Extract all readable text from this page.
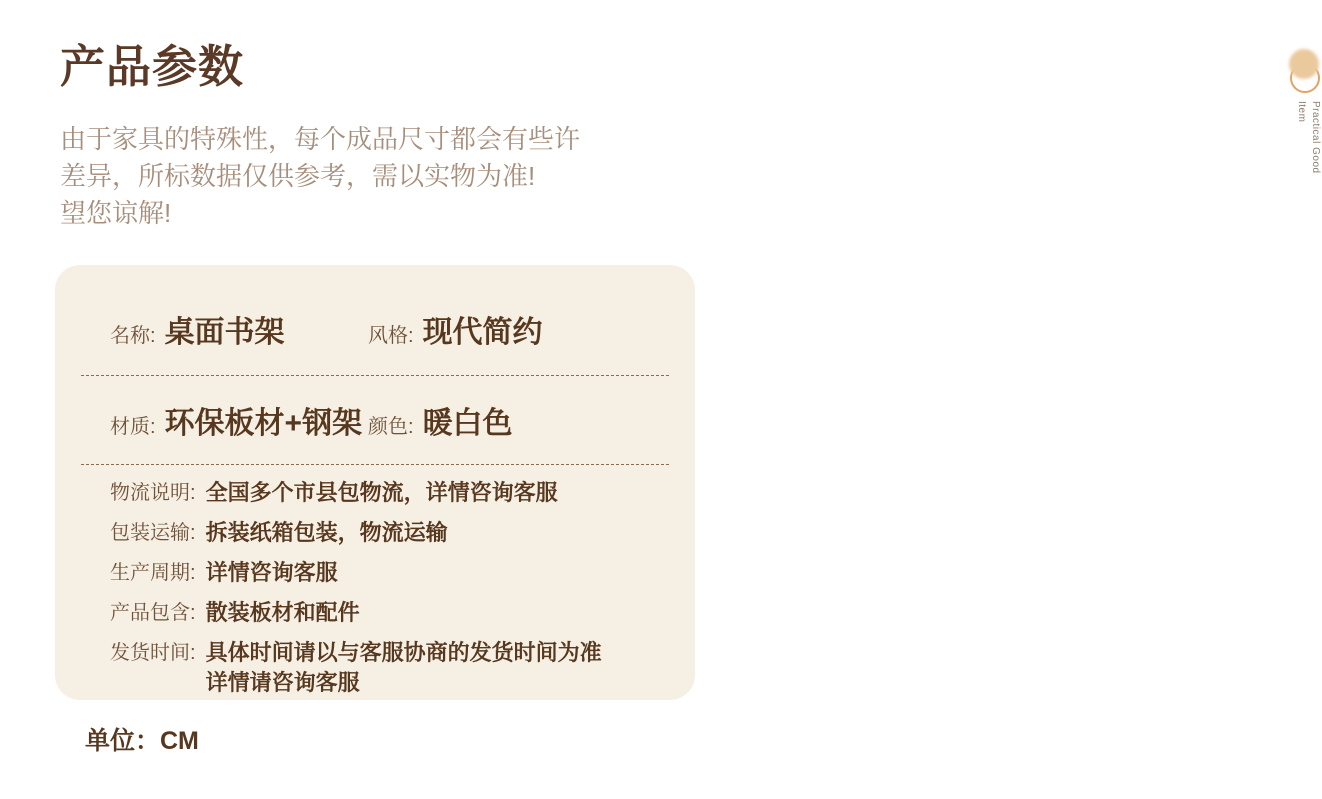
产品参数
Practical Good
Item

由于家具的特殊性，每个成品尺寸都会有些许
差异，所标数据仅供参考，需以实物为准!
望您谅解!

名称: 桌面书架	风格: 现代简约
材质: 环保板材+钢架 颜色: 暖白色
物流说明: 全国多个市县包物流，详情咨询客服
包装运输: 拆装纸箱包装，物流运输
生产周期: 详情咨询客服
产品包含: 散装板材和配件
发货时间: 具体时间请以与客服协商的发货时间为准
详情请咨询客服
单位：CM
